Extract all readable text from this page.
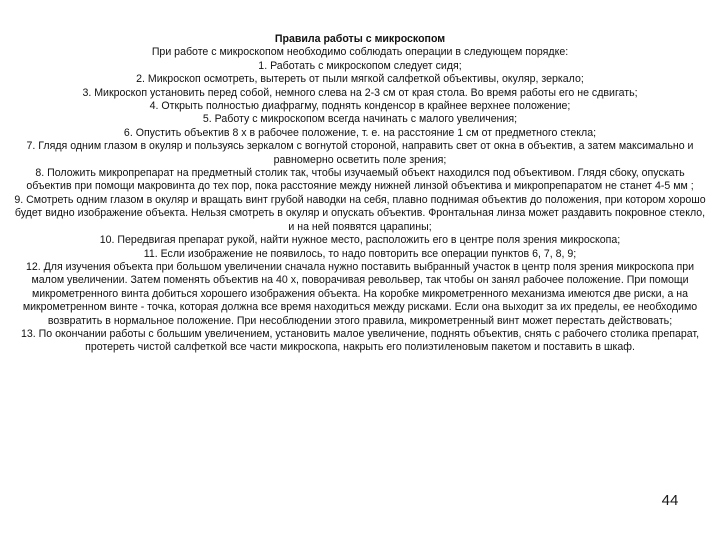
Правила работы с микроскопом

При работе с микроскопом необходимо соблюдать операции в следующем порядке:

1. Работать с микроскопом следует сидя;

2. Микроскоп осмотреть, вытереть от пыли мягкой салфеткой объективы, окуляр, зеркало;

3. Микроскоп установить перед собой, немного слева на 2-3 см от края стола. Во время работы его не сдвигать;

4. Открыть полностью диафрагму, поднять конденсор в крайнее верхнее положение;

5. Работу с микроскопом всегда начинать с малого увеличения;

6. Опустить объектив 8 х в рабочее положение, т. е. на расстояние 1 см от предметного стекла;

7. Глядя одним глазом в окуляр и пользуясь зеркалом с вогнутой стороной, направить свет от окна в объектив, а затем максимально и равномерно осветить поле зрения;

8. Положить микропрепарат на предметный столик так, чтобы изучаемый объект находился под объективом. Глядя сбоку, опускать объектив при помощи макровинта до тех пор, пока расстояние между нижней линзой объектива и микропрепаратом не станет 4-5 мм ;

9. Смотреть одним глазом в окуляр и вращать винт грубой наводки на себя, плавно поднимая объектив до положения, при котором хорошо будет видно изображение объекта. Нельзя смотреть в окуляр и опускать объектив. Фронтальная линза может раздавить покровное стекло, и на ней появятся царапины;

10. Передвигая препарат рукой, найти нужное место, расположить его в центре поля зрения микроскопа;

11. Если изображение не появилось, то надо повторить все операции пунктов 6, 7, 8, 9;

12. Для изучения объекта при большом увеличении сначала нужно поставить выбранный участок в центр поля зрения микроскопа при малом увеличении. Затем поменять объектив на 40 х, поворачивая револьвер, так чтобы он занял рабочее положение. При помощи микрометренного винта добиться хорошего изображения объекта. На коробке микрометренного механизма имеются две риски, а на микрометренном винте - точка, которая должна все время находиться между рисками. Если она выходит за их пределы, ее необходимо возвратить в нормальное положение. При несоблюдении этого правила, микрометренный винт может перестать действовать;

13. По окончании работы с большим увеличением, установить малое увеличение, поднять объектив, снять с рабочего столика препарат, протереть чистой салфеткой все части микроскопа, накрыть его полиэтиленовым пакетом и поставить в шкаф.

44
